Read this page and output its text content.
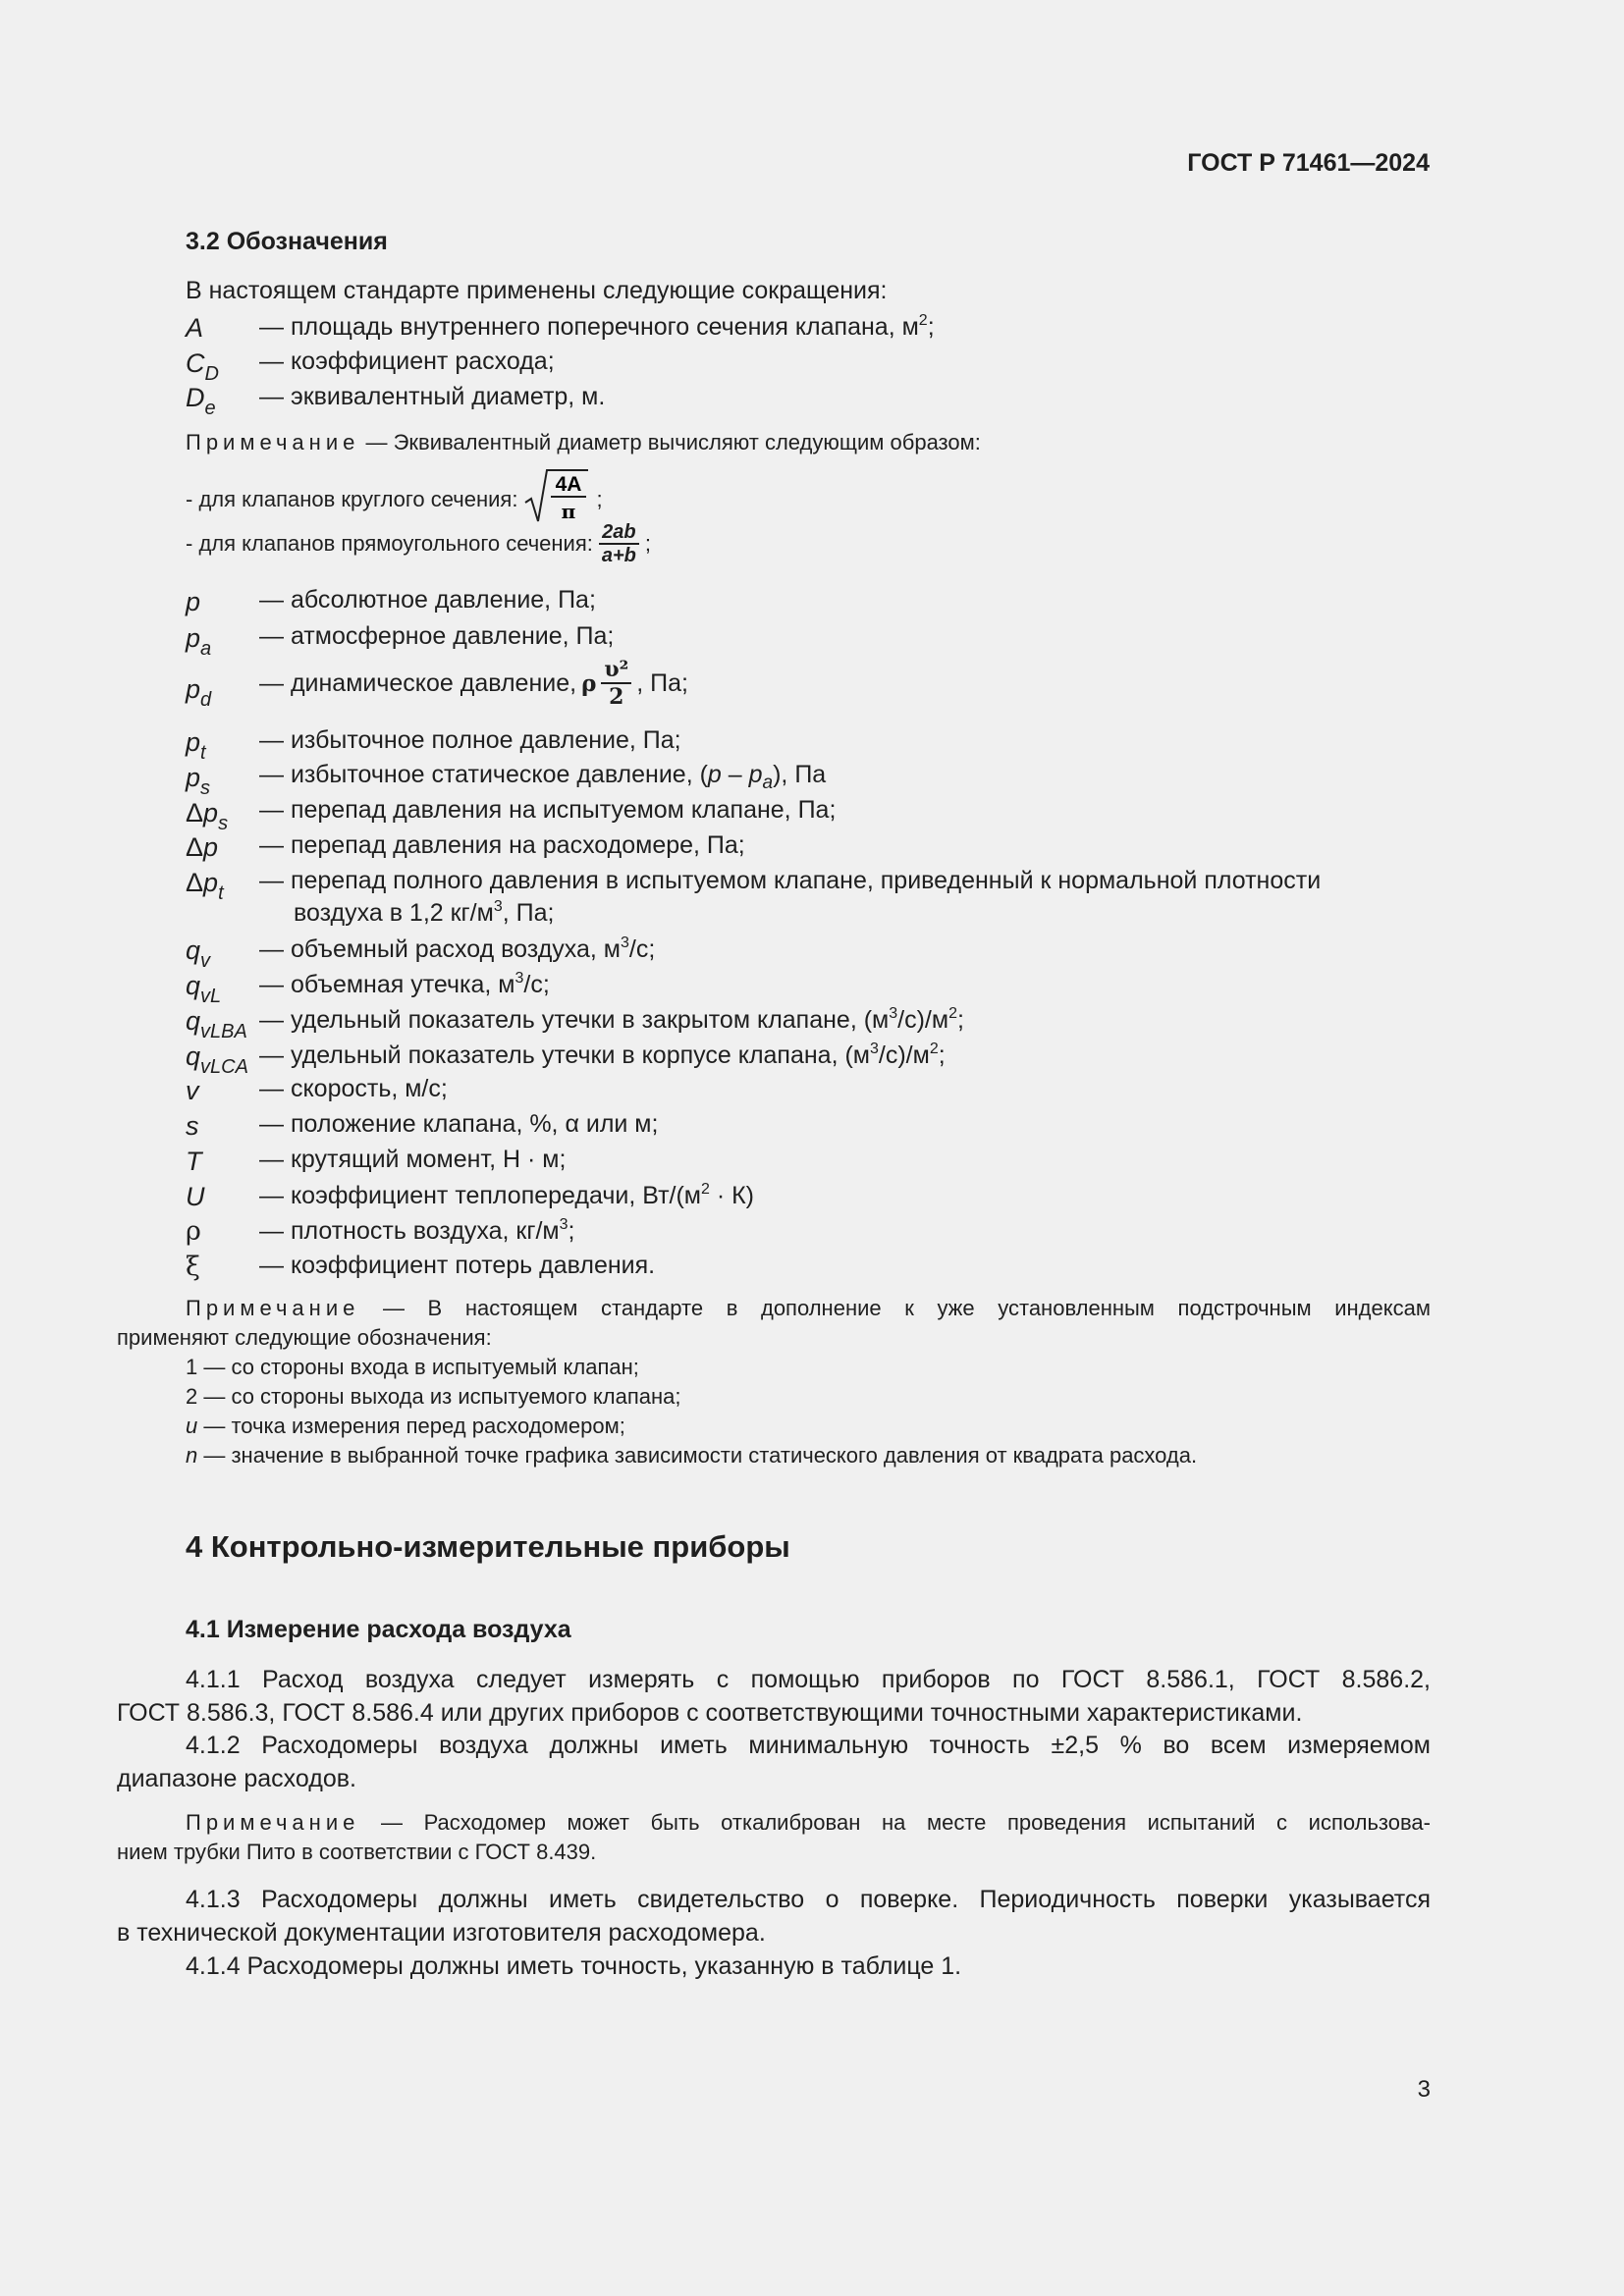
ГОСТ Р 71461—2024
3.2 Обозначения
В настоящем стандарте применены следующие сокращения:
A — площадь внутреннего поперечного сечения клапана, $м^2$;
$C_D$ — коэффициент расхода;
$D_e$ — эквивалентный диаметр, м.
Примечание — Эквивалентный диаметр вычисляют следующим образом:
- для клапанов круглого сечения:
4A
π ;
- для клапанов прямоугольного сечения: $\frac{2ab}{a+b}$ ;
p — абсолютное давление, Па;
$p_a$ — атмосферное давление, Па;
$p_d$
— динамическое давление, ρ $\frac{\text{υ²}}{2}$ , Па;
$p_t$ — избыточное полное давление, Па;
$p_s$ — избыточное статическое давление, $(p - p_a)$, Па
$\Delta p_s$ — перепад давления на испытуемом клапане, Па;
Δp — перепад давления на расходомере, Па;
$\Delta p_t$ — перепад полного давления в испытуемом клапане, приведенный к нормальной плотности
воздуха в 1,2 $кг/м^3$, Па;
$q_v$ — объемный расход воздуха, $м^3/с$;
$q_{vL}$ — объемная утечка, $м^3/с$;
$q_{vLBA}$ — удельный показатель утечки в закрытом клапане, $(м^3/с)/м^2$;
$q_{vLCA}$ — удельный показатель утечки в корпусе клапана, $(м^3/с)/м^2$;
v — скорость, м/с;
s — положение клапана, %, α или м;
T — крутящий момент, Н · м;
U — коэффициент теплопередачи, $Вт/(м^2 \cdot К)$
ρ — плотность воздуха, $кг/м^3$;
ξ — коэффициент потерь давления.
Примечание — В настоящем стандарте в дополнение к уже установленным подстрочным индексам
применяют следующие обозначения:
1 — со стороны входа в испытуемый клапан;
2 — со стороны выхода из испытуемого клапана;
u — точка измерения перед расходомером;
n — значение в выбранной точке графика зависимости статического давления от квадрата расхода.
4 Контрольно-измерительные приборы
4.1 Измерение расхода воздуха
4.1.1 Расход воздуха следует измерять с помощью приборов по ГОСТ 8.586.1, ГОСТ 8.586.2,
ГОСТ 8.586.3, ГОСТ 8.586.4 или других приборов с соответствующими точностными характеристиками.
4.1.2 Расходомеры воздуха должны иметь минимальную точность ±2,5 % во всем измеряемом
диапазоне расходов.
Примечание — Расходомер может быть откалиброван на месте проведения испытаний с использова-
нием трубки Пито в соответствии с ГОСТ 8.439.
4.1.3 Расходомеры должны иметь свидетельство о поверке. Периодичность поверки указывается
в технической документации изготовителя расходомера.
4.1.4 Расходомеры должны иметь точность, указанную в таблице 1.
3
